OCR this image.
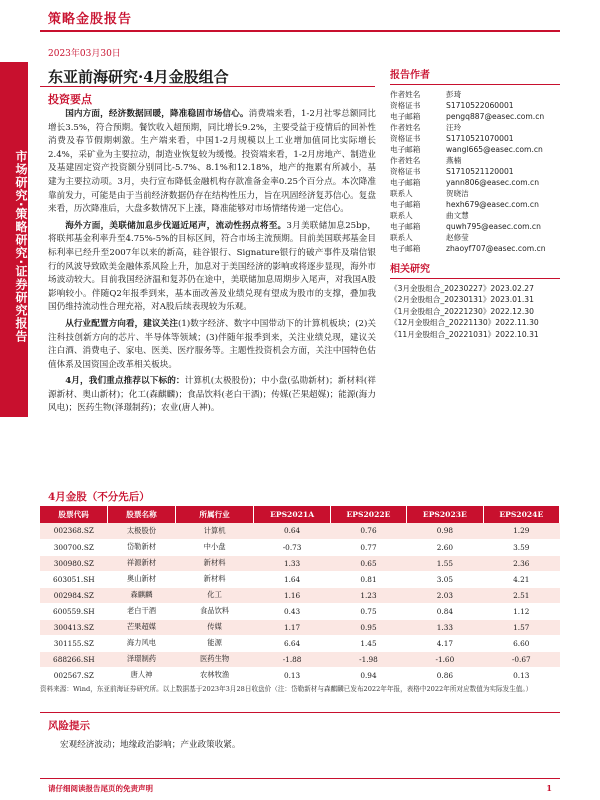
策略金股报告
2023年03月30日
市场研究·策略研究·证券研究报告
东亚前海研究·4月金股组合
投资要点

国内方面，经济数据回暖，降准稳固市场信心。消费端来看，1-2月社零总额同比增长3.5%，符合预期。餐饮收入超预期，同比增长9.2%，主要受益于疫情后的回补性消费及春节假期刺激。生产端来看，中国1-2月规模以上工业增加值同比实际增长2.4%，采矿业为主要拉动，制造业恢复较为缓慢。投资端来看，1-2月房地产、制造业及基建固定资产投资额分别同比-5.7%、8.1%和12.18%，地产的拖累有所减小，基建为主要拉动项。3月，央行宣布降低金融机构存款准备金率0.25个百分点。本次降准靠前发力，可能是由于当前经济数据仍存在结构性压力，旨在巩固经济复苏信心。复盘来看，历次降准后，大盘多数情况下上涨，降准能够对市场情绪传递一定信心。

海外方面，美联储加息步伐逼近尾声，流动性拐点将至。3月美联储加息25bp，将联邦基金利率升至4.75%-5%的目标区间，符合市场主流预期。目前美国联邦基金目标利率已经升至2007年以来的新高，硅谷银行、Signature银行的破产事件及瑞信银行的风波导致欧美金融体系风险上升，加息对于美国经济的影响或将逐步显现，海外市场波动较大。目前我国经济温和复苏仍在途中，美联储加息周期步入尾声，对我国A股影响较小。伴随Q2年报季到来，基本面改善及业绩兑现有望成为股市的支撑，叠加我国仍维持流动性合理充裕，对A股后续表现较为乐观。

从行业配置方向看，建议关注(1)数字经济、数字中国带动下的计算机板块；(2)关注科技创新方向的芯片、半导体等领域；(3)伴随年报季到来，关注业绩兑现，建议关注白酒、消费电子、家电、医美、医疗服务等。主题性投资机会方面，关注中国特色估值体系及国资国企改革相关板块。

4月，我们重点推荐以下标的：计算机(太极股份)；中小盘(弘勋新材)；新材料(祥源新材、奥山新材)；化工(森麒麟)；食品饮料(老白干酒)；传媒(芒果超媒)；能源(海力风电)；医药生物(泽璟制药)；农业(唐人神)。

报告作者
作者姓名	彭琦
资格证书	S1710522060001
电子邮箱	pengq887@easec.com.cn
作者姓名	汪玲
资格证书	S1710521070001
电子邮箱	wangl665@easec.com.cn
作者姓名	燕楠
资格证书	S1710521120001
电子邮箱	yann806@easec.com.cn
联系人	贺晓洁
电子邮箱	hexh679@easec.com.cn
联系人	曲文慧
电子邮箱	quwh795@easec.com.cn
联系人	赵修莹
电子邮箱	zhaoyf707@easec.com.cn
相关研究
《3月金股组合_20230227》2023.02.27
《2月金股组合_20230131》2023.01.31
《1月金股组合_20221230》2022.12.30
《12月金股组合_20221130》2022.11.30
《11月金股组合_20221031》2022.10.31
4月金股（不分先后）
股票代码	股票名称	所属行业	EPS2021A	EPS2022E	EPS2023E	EPS2024E
002368.SZ	太极股份	计算机	0.64	0.76	0.98	1.29
300700.SZ	岱勒新材	中小盘	-0.73	0.77	2.60	3.59
300980.SZ	祥源新材	新材料	1.33	0.65	1.55	2.36
603051.SH	奥山新材	新材料	1.64	0.81	3.05	4.21
002984.SZ	森麒麟	化工	1.16	1.23	2.03	2.51
600559.SH	老白干酒	食品饮料	0.43	0.75	0.84	1.12
300413.SZ	芒果超媒	传媒	1.17	0.95	1.33	1.57
301155.SZ	海力风电	能源	6.64	1.45	4.17	6.60
688266.SH	泽璟制药	医药生物	-1.88	-1.98	-1.60	-0.67
002567.SZ	唐人神	农林牧渔	0.13	0.94	0.86	0.13
资料来源：Wind，东亚前海证券研究所。以上数据基于2023年3月28日收盘价（注：岱勒新材与森麒麟已发布2022年年报，表格中2022年所对应数值为实际发生值。）
风险提示
宏观经济波动；地缘政治影响；产业政策收紧。
请仔细阅读报告尾页的免责声明	1
